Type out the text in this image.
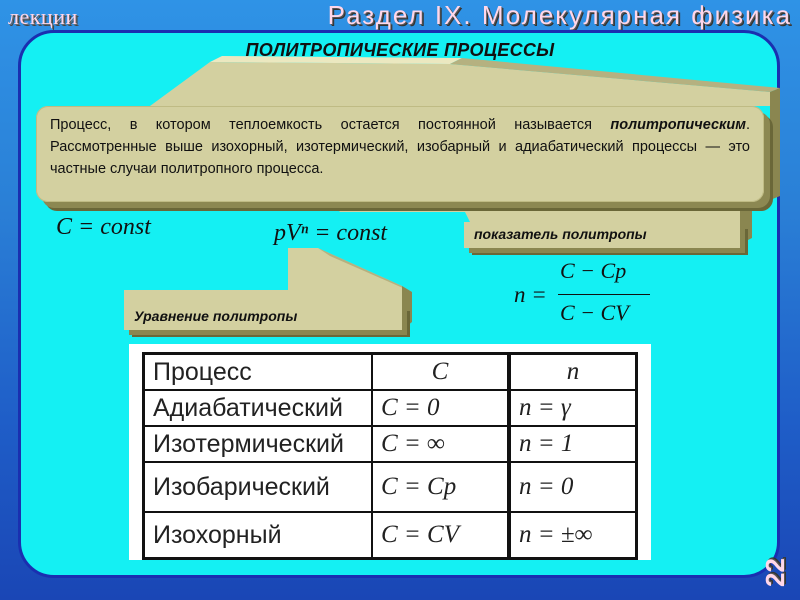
лекции	Раздел IX. Молекулярная физика
ПОЛИТРОПИЧЕСКИЕ ПРОЦЕССЫ
Процесс, в котором теплоемкость остается постоянной называется политропическим. Рассмотренные выше изохорный, изотермический, изобарный и адиабатический процессы — это частные случаи политропного процесса.
C = const	pVⁿ = const	показатель политропы
Уравнение политропы
n =
C − Cp
C − CV
Процесс	C	n
Адиабатический	C = 0	n = γ
Изотермический	C = ∞	n = 1
Изобарический	C = Cp	n = 0
Изохорный	C = CV	n = ±∞
22
